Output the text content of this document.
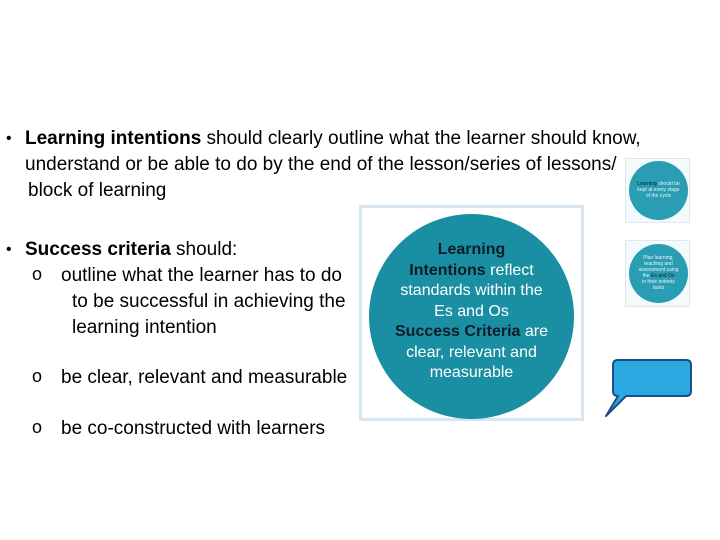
• Learning intentions should clearly outline what the learner should know,
understand or be able to do by the end of the lesson/series of lessons/
block of learning
• Success criteria should:
o outline what the learner has to do
to be successful in achieving the
learning intention
o be clear, relevant and measurable
o be co-constructed with learners
Learning
Intentions reflect
standards within the
Es and Os
Success Criteria are
clear, relevant and
measurable
Learning should be
kept at every stage
of the cycle
Plan learning,
teaching and
assessment using
the Es and Os
in their entirety
tasks
